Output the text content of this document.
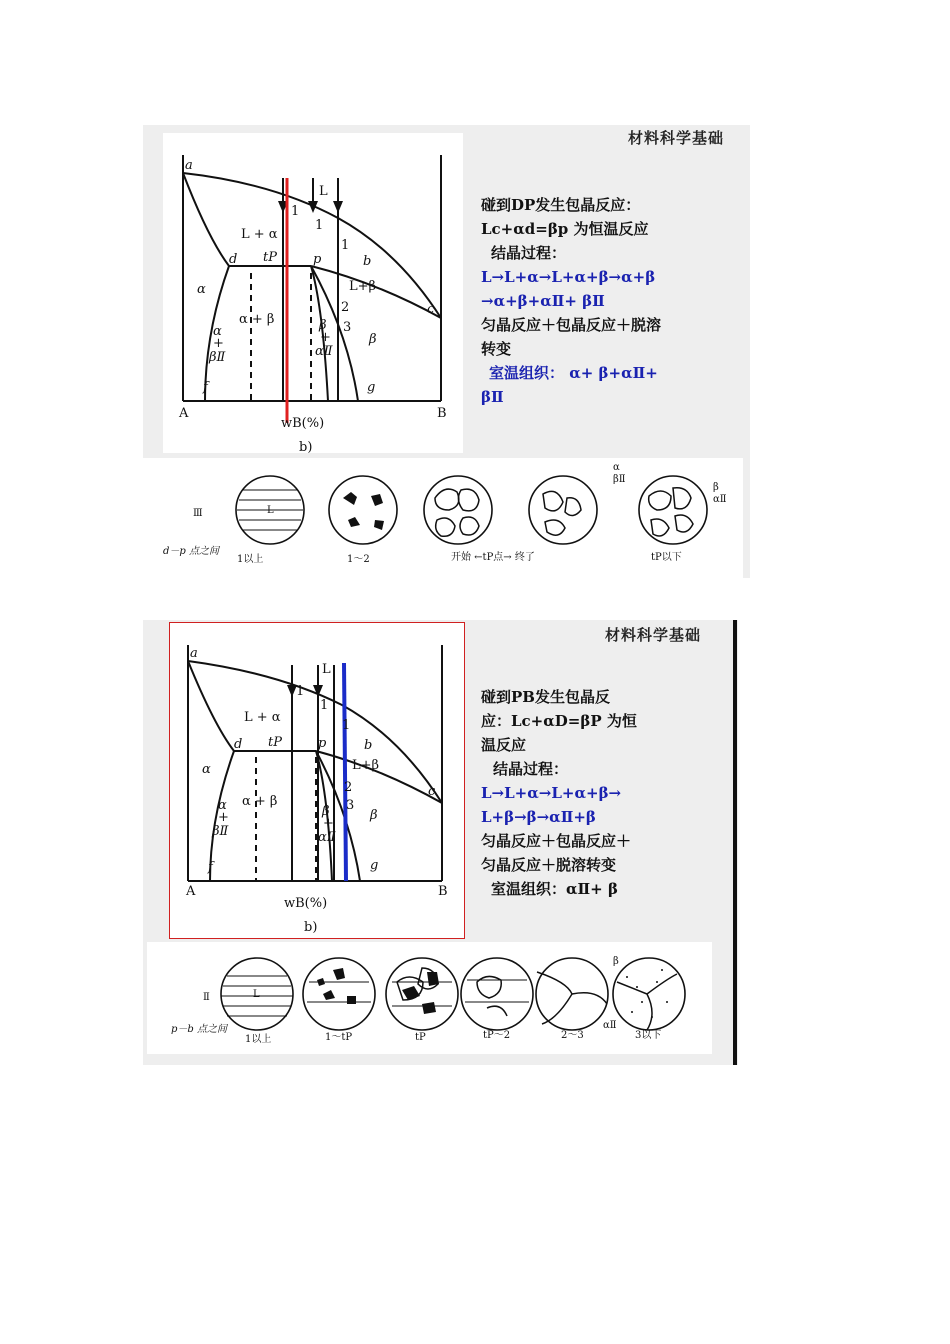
材料科学基础
a
L
L + α
tP
d	p	b
L+β
α
α + β
β
c
α
+
βⅡ
β
+
αⅡ
f	g
A	B
1
1
1
2
3
wB(%)
b)
碰到DP发生包晶反应：
Lc+αd=βp 为恒温反应
结晶过程：
L→L+α→L+α+β→α+β
→α+β+αⅡ+ βⅡ
匀晶反应＋包晶反应＋脱溶
转变
室温组织： α+ β+αⅡ+
βⅡ
Ⅲ
d－p 点之间
L
1以上	1～2	开始 ←tP点→ 终了	tP以下
α
βⅡ
β
αⅡ
材料科学基础
a
L
L + α
tP
d	p	b
L+β
α
α + β
β
c
α
+
βⅡ
β
+
αⅡ
f	g
A	B
1
1
1
2
3
wB(%)
b)
碰到PB发生包晶反
应：Lc+αD=βP 为恒
温反应
结晶过程：
L→L+α→L+α+β→
L+β→β→αⅡ+β
匀晶反应＋包晶反应＋
匀晶反应＋脱溶转变
室温组织：αⅡ+ β
Ⅱ
p－b 点之间
L
1以上	1～tP	tP	tP～2	2～3	3以下
β
αⅡ
